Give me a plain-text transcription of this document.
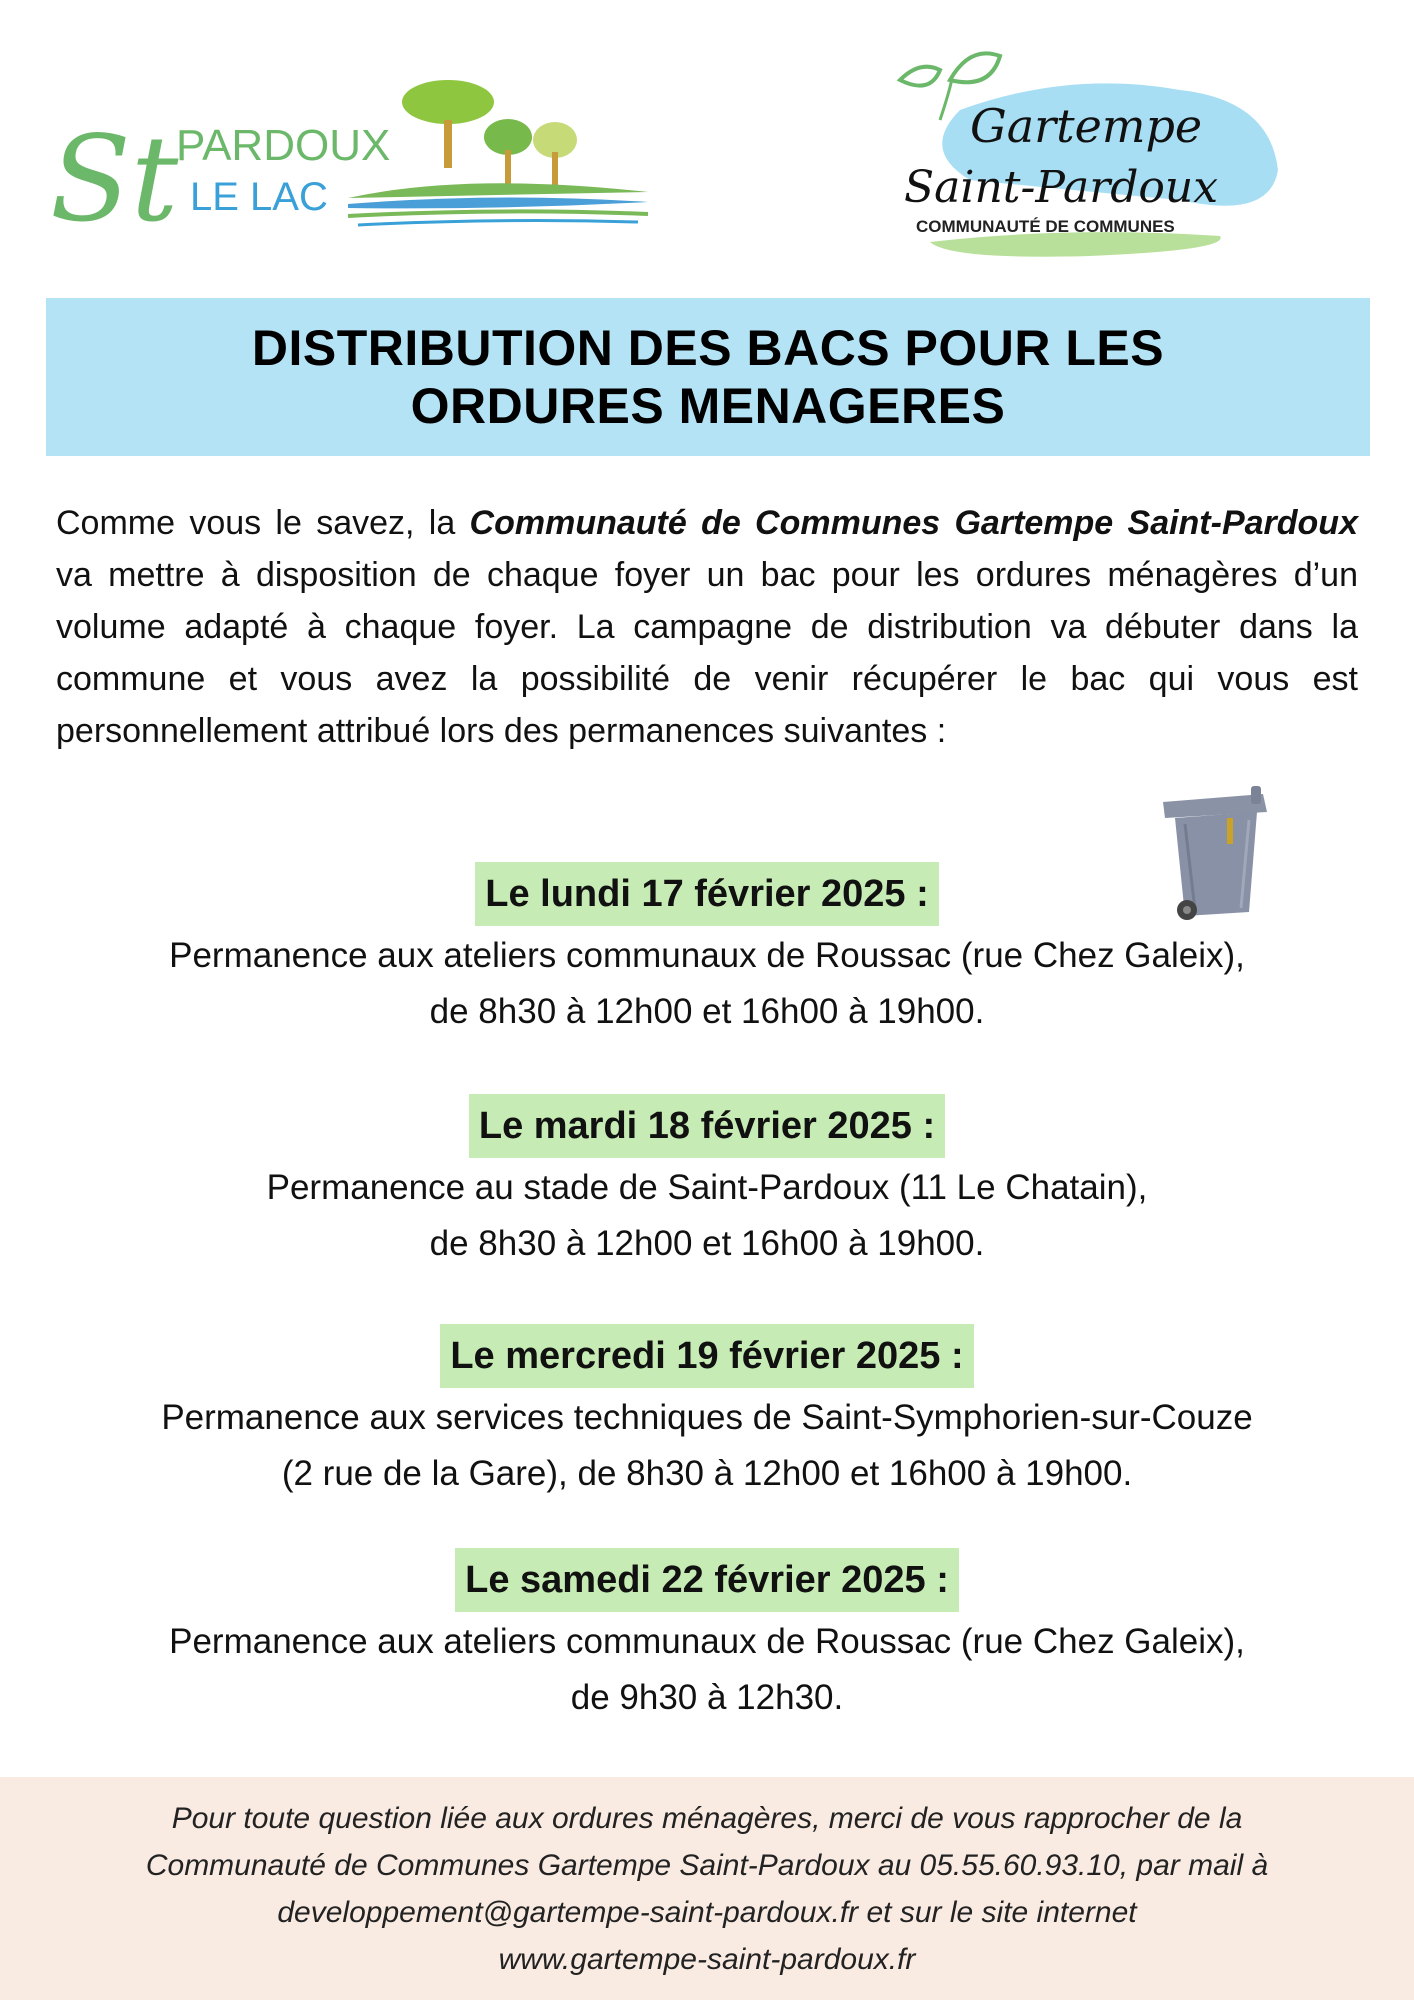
St
PARDOUX
LE LAC
Gartempe
Saint-Pardoux
COMMUNAUTÉ DE COMMUNES
DISTRIBUTION DES BACS POUR LES
ORDURES MENAGERES
Comme vous le savez, la Communauté de Communes Gartempe Saint-Pardoux va mettre à disposition de chaque foyer un bac pour les ordures ménagères d’un volume adapté à chaque foyer. La campagne de distribution va débuter dans la commune et vous avez la possibilité de venir récupérer le bac qui vous est personnellement attribué lors des permanences suivantes :
Le lundi 17 février 2025 :
Permanence aux ateliers communaux de Roussac (rue Chez Galeix),
de 8h30 à 12h00 et 16h00 à 19h00.
Le mardi 18 février 2025 :
Permanence au stade de Saint-Pardoux (11 Le Chatain),
de 8h30 à 12h00 et 16h00 à 19h00.
Le mercredi 19 février 2025 :
Permanence aux services techniques de Saint-Symphorien-sur-Couze
(2 rue de la Gare), de 8h30 à 12h00 et 16h00 à 19h00.
Le samedi 22 février 2025 :
Permanence aux ateliers communaux de Roussac (rue Chez Galeix),
de 9h30 à 12h30.
Pour toute question liée aux ordures ménagères, merci de vous rapprocher de la
Communauté de Communes Gartempe Saint-Pardoux au 05.55.60.93.10, par mail à
developpement@gartempe-saint-pardoux.fr et sur le site internet
www.gartempe-saint-pardoux.fr
